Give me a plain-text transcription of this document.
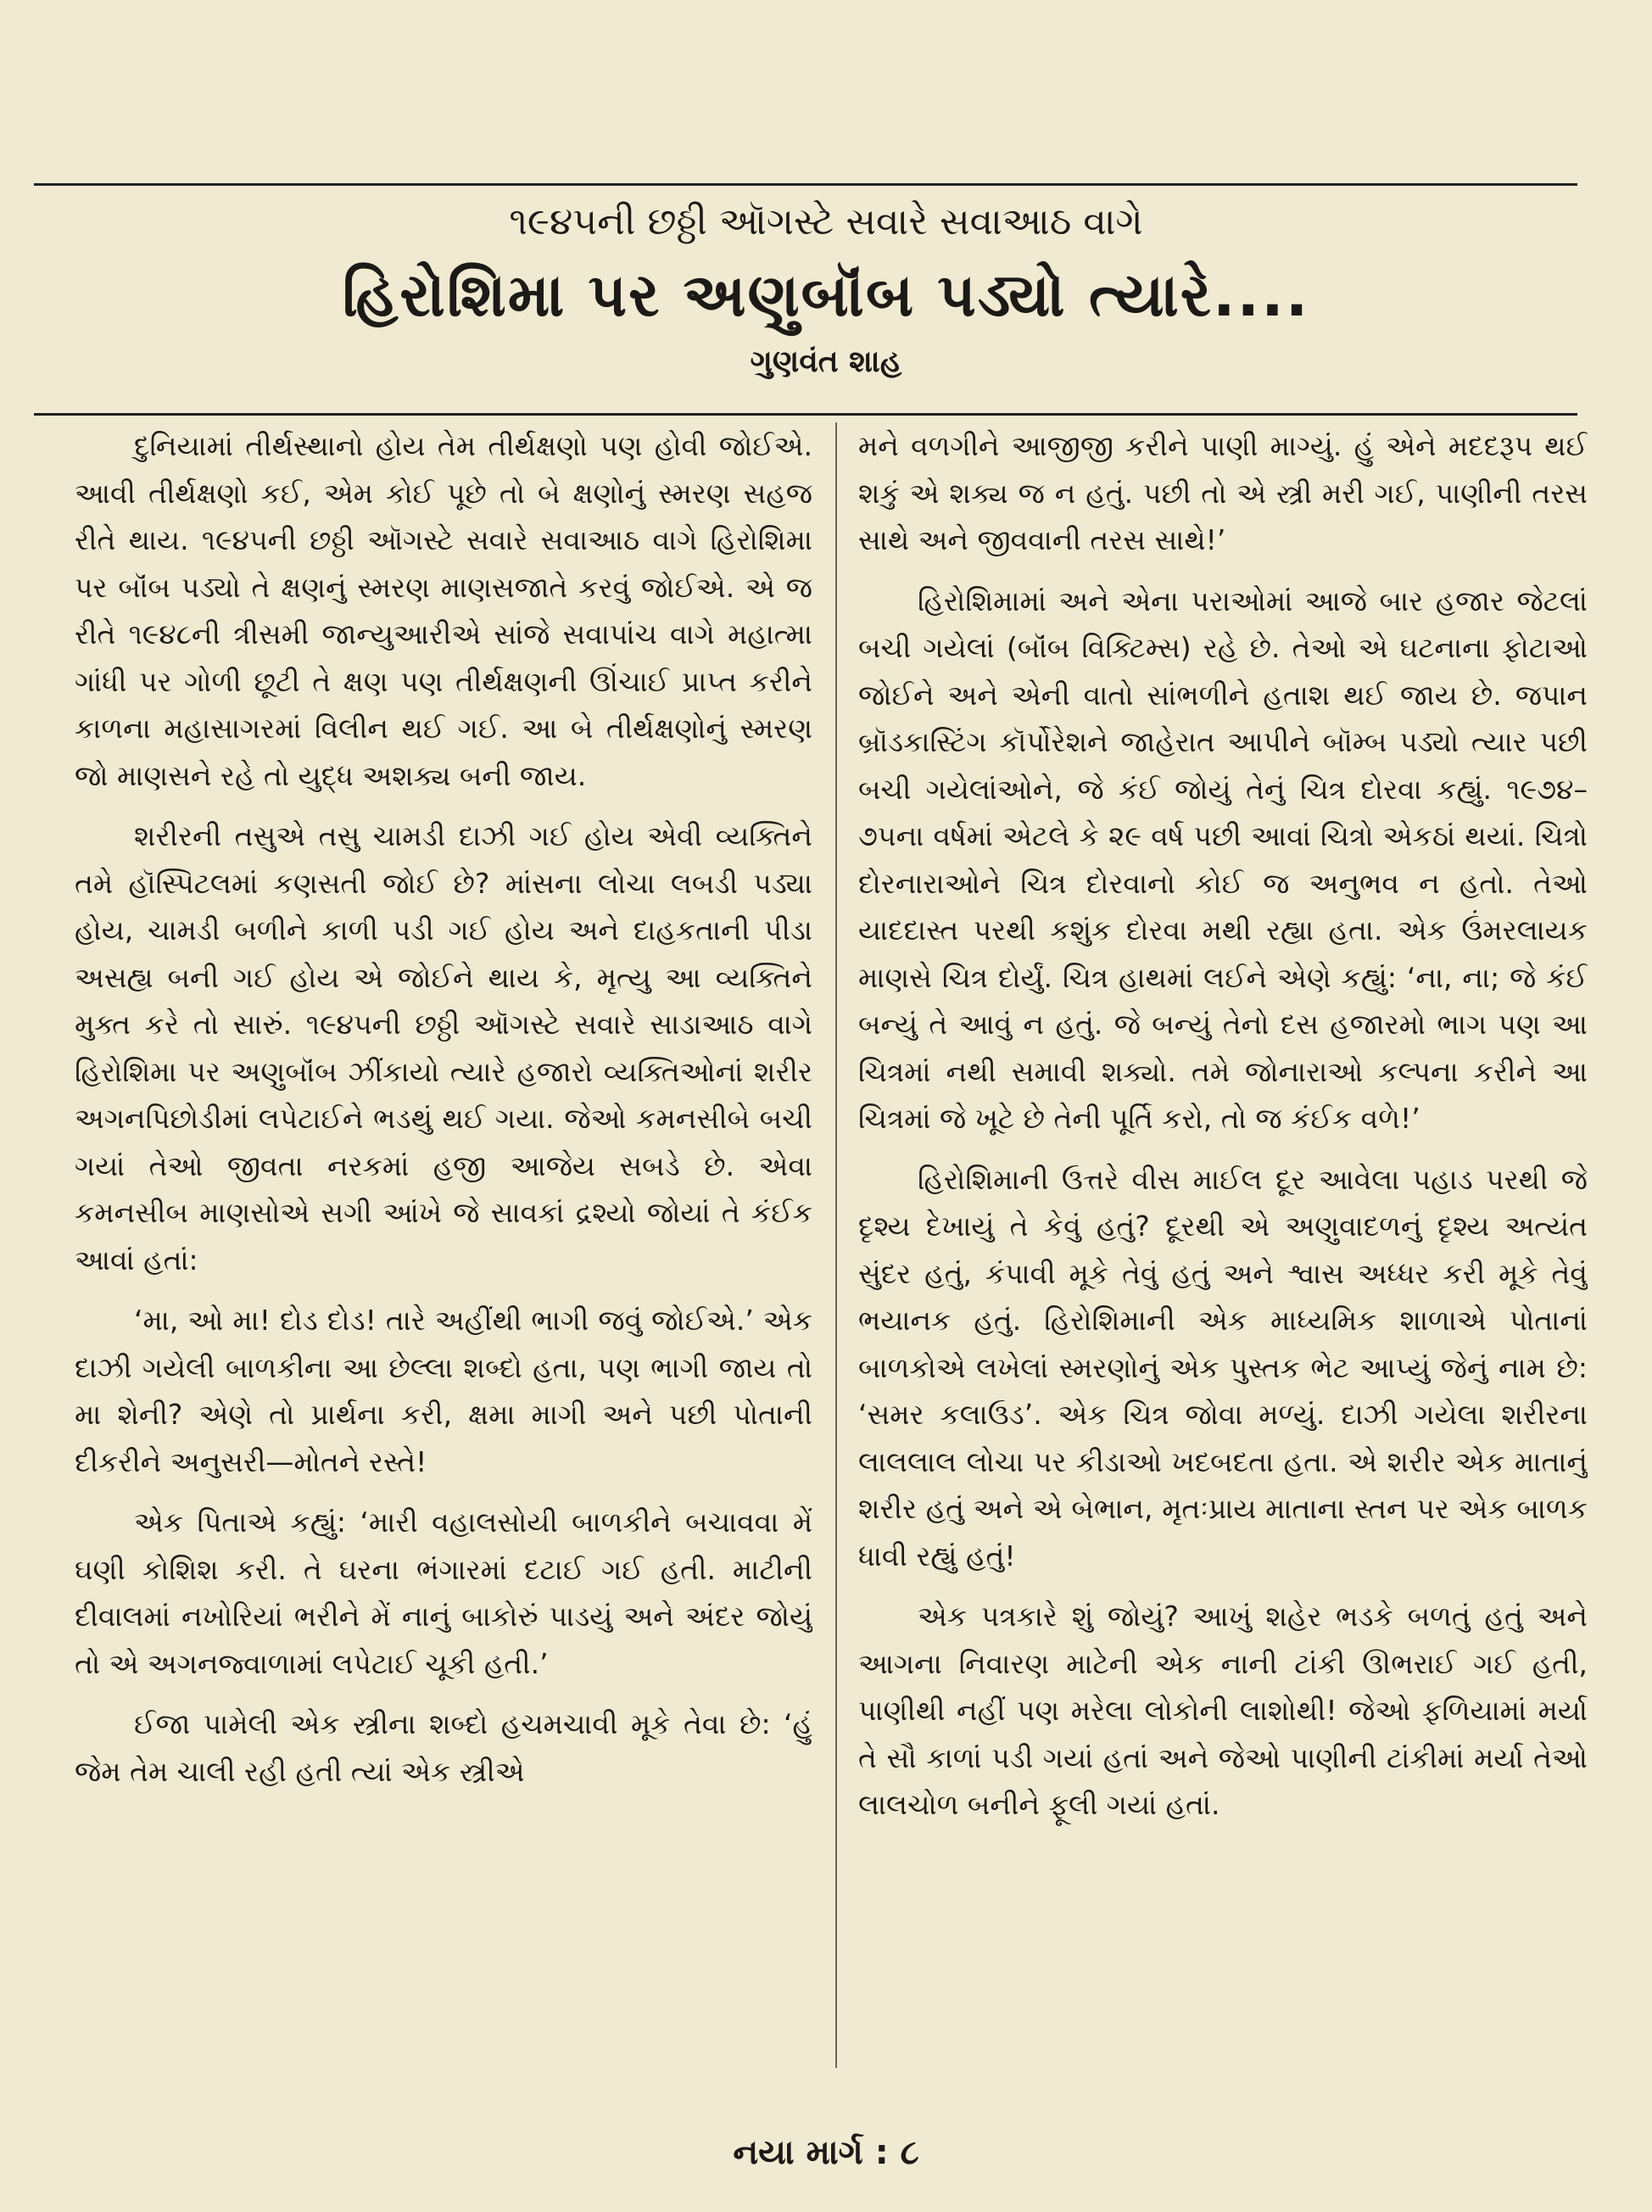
૧૯૪૫ની છઠ્ઠી ઑગસ્ટે સવારે સવાઆઠ વાગે
હિરોશિમા પર અણુબૉંબ પડ્યો ત્યારે....
ગુણવંત શાહ

દુનિયામાં તીર્થસ્થાનો હોય તેમ તીર્થક્ષણો પણ હોવી જોઈએ. આવી તીર્થક્ષણો કઈ, એમ કોઈ પૂછે તો બે ક્ષણોનું સ્મરણ સહજ રીતે થાય. ૧૯૪૫ની છઠ્ઠી ઑગસ્ટે સવારે સવાઆઠ વાગે હિરોશિમા પર બૉંબ પડ્યો તે ક્ષણનું સ્મરણ માણસજાતે કરવું જોઈએ. એ જ રીતે ૧૯૪૮ની ત્રીસમી જાન્યુઆરીએ સાંજે સવાપાંચ વાગે મહાત્મા ગાંધી પર ગોળી છૂટી તે ક્ષણ પણ તીર્થક્ષણની ઊંચાઈ પ્રાપ્ત કરીને કાળના મહાસાગરમાં વિલીન થઈ ગઈ. આ બે તીર્થક્ષણોનું સ્મરણ જો માણસને રહે તો યુદ્ધ અશક્ય બની જાય.

શરીરની તસુએ તસુ ચામડી દાઝી ગઈ હોય એવી વ્યક્તિને તમે હૉસ્પિટલમાં કણસતી જોઈ છે? માંસના લોચા લબડી પડ્યા હોય, ચામડી બળીને કાળી પડી ગઈ હોય અને દાહકતાની પીડા અસહ્ય બની ગઈ હોય એ જોઈને થાય કે, મૃત્યુ આ વ્યક્તિને મુક્ત કરે તો સારું. ૧૯૪૫ની છઠ્ઠી ઑગસ્ટે સવારે સાડાઆઠ વાગે હિરોશિમા પર અણુબૉંબ ઝીંકાયો ત્યારે હજારો વ્યક્તિઓનાં શરીર અગનપિછોડીમાં લપેટાઈને ભડથું થઈ ગયા. જેઓ કમનસીબે બચી ગયાં તેઓ જીવતા નરકમાં હજી આજેય સબડે છે. એવા કમનસીબ માણસોએ સગી આંખે જે સાવકાં દ્રશ્યો જોયાં તે કંઈક આવાં હતાં:

‘મા, ઓ મા! દોડ દોડ! તારે અહીંથી ભાગી જવું જોઈએ.’ એક દાઝી ગયેલી બાળકીના આ છેલ્લા શબ્દો હતા, પણ ભાગી જાય તો મા શેની? એણે તો પ્રાર્થના કરી, ક્ષમા માગી અને પછી પોતાની દીકરીને અનુસરી—મોતને રસ્તે!

એક પિતાએ કહ્યું: ‘મારી વહાલસોયી બાળકીને બચાવવા મેં ઘણી કોશિશ કરી. તે ઘરના ભંગારમાં દટાઈ ગઈ હતી. માટીની દીવાલમાં નખોરિયાં ભરીને મેં નાનું બાકોરું પાડયું અને અંદર જોયું તો એ અગનજ્વાળામાં લપેટાઈ ચૂકી હતી.’

ઈજા પામેલી એક સ્ત્રીના શબ્દો હચમચાવી મૂકે તેવા છે: ‘હું જેમ તેમ ચાલી રહી હતી ત્યાં એક સ્ત્રીએ

મને વળગીને આજીજી કરીને પાણી માગ્યું. હું એને મદદરૂપ થઈ શકું એ શક્ય જ ન હતું. પછી તો એ સ્ત્રી મરી ગઈ, પાણીની તરસ સાથે અને જીવવાની તરસ સાથે!’

હિરોશિમામાં અને એના પરાઓમાં આજે બાર હજાર જેટલાં બચી ગયેલાં (બૉંબ વિક્ટિમ્સ) રહે છે. તેઓ એ ઘટનાના ફોટાઓ જોઈને અને એની વાતો સાંભળીને હતાશ થઈ જાય છે. જપાન બ્રૉડકાસ્ટિંગ કૉર્પોરેશને જાહેરાત આપીને બૉમ્બ પડ્યો ત્યાર પછી બચી ગયેલાંઓને, જે કંઈ જોયું તેનું ચિત્ર દોરવા કહ્યું. ૧૯૭૪–૭૫ના વર્ષમાં એટલે કે ૨૯ વર્ષ પછી આવાં ચિત્રો એકઠાં થયાં. ચિત્રો દોરનારાઓને ચિત્ર દોરવાનો કોઈ જ અનુભવ ન હતો. તેઓ યાદદાસ્ત પરથી કશુંક દોરવા મથી રહ્યા હતા. એક ઉંમરલાયક માણસે ચિત્ર દોર્યું. ચિત્ર હાથમાં લઈને એણે કહ્યું: ‘ના, ના; જે કંઈ બન્યું તે આવું ન હતું. જે બન્યું તેનો દસ હજારમો ભાગ પણ આ ચિત્રમાં નથી સમાવી શક્યો. તમે જોનારાઓ કલ્પના કરીને આ ચિત્રમાં જે ખૂટે છે તેની પૂર્તિ કરો, તો જ કંઈક વળે!’

હિરોશિમાની ઉત્તરે વીસ માઈલ દૂર આવેલા પહાડ પરથી જે દૃશ્ય દેખાયું તે કેવું હતું? દૂરથી એ અણુવાદળનું દૃશ્ય અત્યંત સુંદર હતું, કંપાવી મૂકે તેવું હતું અને શ્વાસ અધ્ધર કરી મૂકે તેવું ભયાનક હતું. હિરોશિમાની એક માધ્યમિક શાળાએ પોતાનાં બાળકોએ લખેલાં સ્મરણોનું એક પુસ્તક ભેટ આપ્યું જેનું નામ છે: ‘સમર કલાઉડ’. એક ચિત્ર જોવા મળ્યું. દાઝી ગયેલા શરીરના લાલલાલ લોચા પર કીડાઓ ખદબદતા હતા. એ શરીર એક માતાનું શરીર હતું અને એ બેભાન, મૃતઃપ્રાય માતાના સ્તન પર એક બાળક ધાવી રહ્યું હતું!

એક પત્રકારે શું જોયું? આખું શહેર ભડકે બળતું હતું અને આગના નિવારણ માટેની એક નાની ટાંકી ઊભરાઈ ગઈ હતી, પાણીથી નહીં પણ મરેલા લોકોની લાશોથી! જેઓ ફળિયામાં મર્યા તે સૌ કાળાં પડી ગયાં હતાં અને જેઓ પાણીની ટાંકીમાં મર્યા તેઓ લાલચોળ બનીને ફૂલી ગયાં હતાં.

નયા માર્ગ : ૮
